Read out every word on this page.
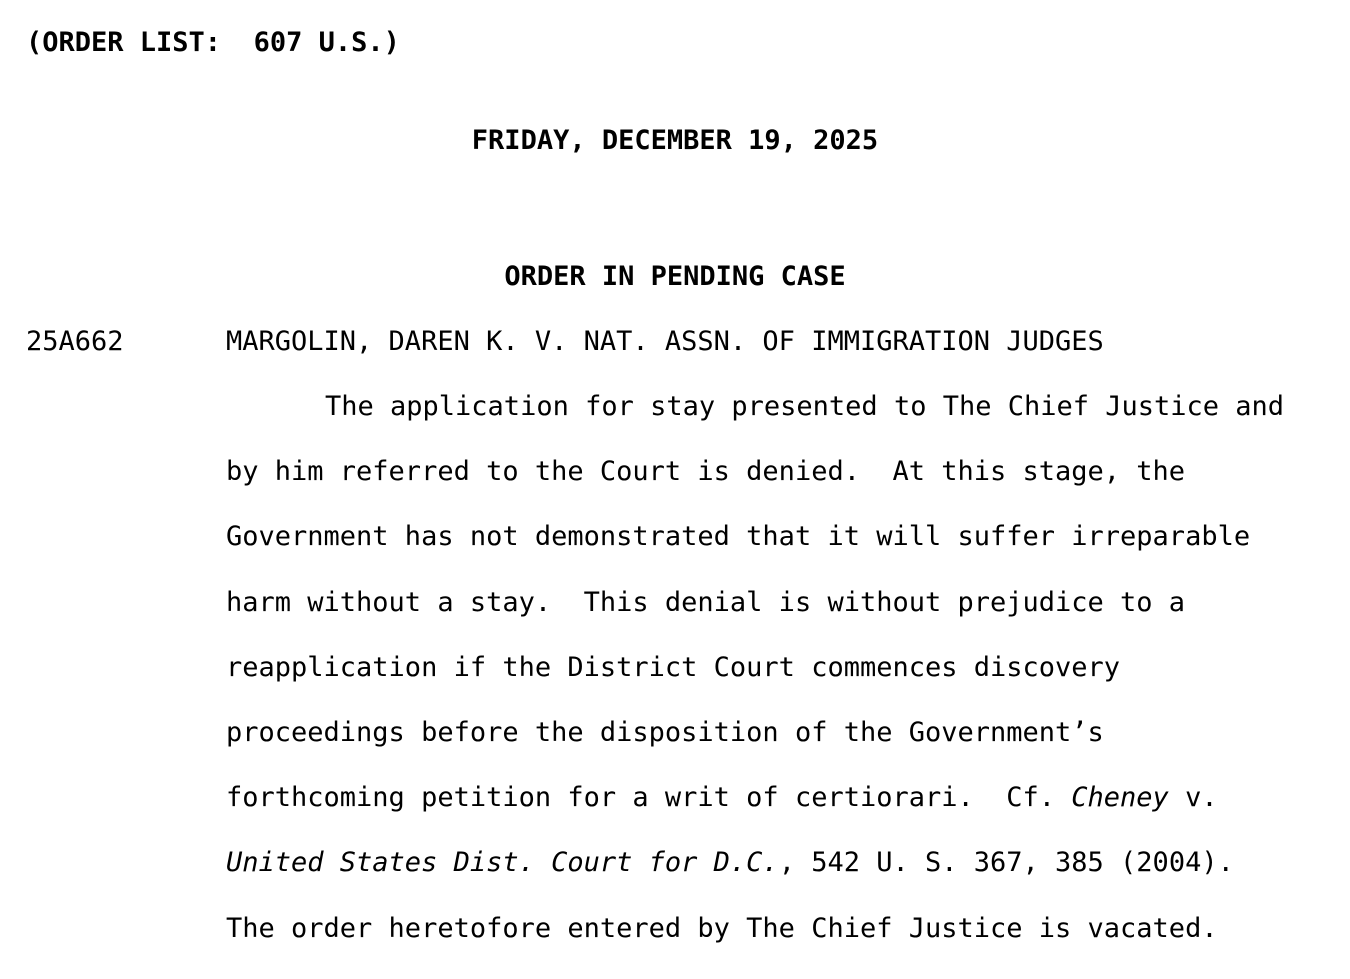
(ORDER LIST:  607 U.S.)
FRIDAY, DECEMBER 19, 2025
ORDER IN PENDING CASE
25A662	MARGOLIN, DAREN K. V. NAT. ASSN. OF IMMIGRATION JUDGES
The application for stay presented to The Chief Justice and
by him referred to the Court is denied.  At this stage, the
Government has not demonstrated that it will suffer irreparable
harm without a stay.  This denial is without prejudice to a
reapplication if the District Court commences discovery
proceedings before the disposition of the Government’s
forthcoming petition for a writ of certiorari.  Cf. Cheney v.
United States Dist. Court for D.C., 542 U. S. 367, 385 (2004).
The order heretofore entered by The Chief Justice is vacated.
